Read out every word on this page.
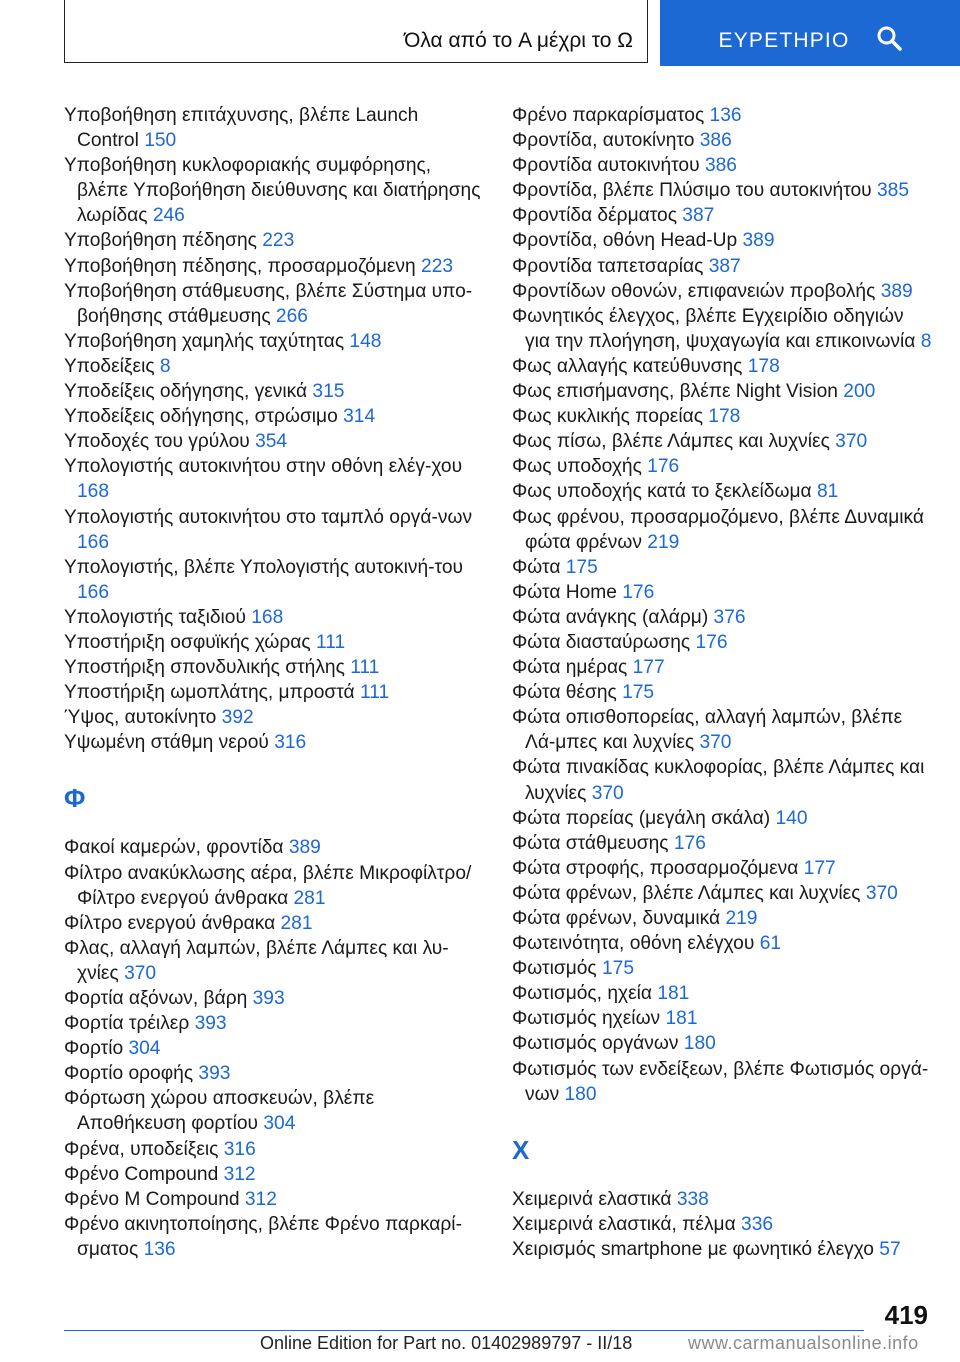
Όλα από το A μέχρι το Ω	ΕΥΡΕΤΗΡΙΟ

Υποβοήθηση επιτάχυνσης, βλέπε Launch Control 150

Υποβοήθηση κυκλοφοριακής συμφόρησης, βλέπε Υποβοήθηση διεύθυνσης και διατήρησης λωρίδας 246

Υποβοήθηση πέδησης 223

Υποβοήθηση πέδησης, προσαρμοζόμενη 223

Υποβοήθηση στάθμευσης, βλέπε Σύστημα υπο-βοήθησης στάθμευσης 266

Υποβοήθηση χαμηλής ταχύτητας 148

Υποδείξεις 8

Υποδείξεις οδήγησης, γενικά 315

Υποδείξεις οδήγησης, στρώσιμο 314

Υποδοχές του γρύλου 354

Υπολογιστής αυτοκινήτου στην οθόνη ελέγ-χου 168

Υπολογιστής αυτοκινήτου στο ταμπλό οργά-νων 166

Υπολογιστής, βλέπε Υπολογιστής αυτοκινή-του 166

Υπολογιστής ταξιδιού 168

Υποστήριξη οσφυϊκής χώρας 111

Υποστήριξη σπονδυλικής στήλης 111

Υποστήριξη ωμοπλάτης, μπροστά 111

Ύψος, αυτοκίνητο 392

Υψωμένη στάθμη νερού 316

Φ

Φακοί καμερών, φροντίδα 389

Φίλτρο ανακύκλωσης αέρα, βλέπε Μικροφίλτρο/ Φίλτρο ενεργού άνθρακα 281

Φίλτρο ενεργού άνθρακα 281

Φλας, αλλαγή λαμπών, βλέπε Λάμπες και λυ-χνίες 370

Φορτία αξόνων, βάρη 393

Φορτία τρέιλερ 393

Φορτίο 304

Φορτίο οροφής 393

Φόρτωση χώρου αποσκευών, βλέπε Αποθήκευση φορτίου 304

Φρένα, υποδείξεις 316

Φρένο Compound 312

Φρένο M Compound 312

Φρένο ακινητοποίησης, βλέπε Φρένο παρκαρί-σματος 136

Φρένο παρκαρίσματος 136

Φροντίδα, αυτοκίνητο 386

Φροντίδα αυτοκινήτου 386

Φροντίδα, βλέπε Πλύσιμο του αυτοκινήτου 385

Φροντίδα δέρματος 387

Φροντίδα, οθόνη Head-Up 389

Φροντίδα ταπετσαρίας 387

Φροντίδων οθονών, επιφανειών προβολής 389

Φωνητικός έλεγχος, βλέπε Εγχειρίδιο οδηγιών για την πλοήγηση, ψυχαγωγία και επικοινωνία 8

Φως αλλαγής κατεύθυνσης 178

Φως επισήμανσης, βλέπε Night Vision 200

Φως κυκλικής πορείας 178

Φως πίσω, βλέπε Λάμπες και λυχνίες 370

Φως υποδοχής 176

Φως υποδοχής κατά το ξεκλείδωμα 81

Φως φρένου, προσαρμοζόμενο, βλέπε Δυναμικά φώτα φρένων 219

Φώτα 175

Φώτα Home 176

Φώτα ανάγκης (αλάρμ) 376

Φώτα διασταύρωσης 176

Φώτα ημέρας 177

Φώτα θέσης 175

Φώτα οπισθοπορείας, αλλαγή λαμπών, βλέπε Λά-μπες και λυχνίες 370

Φώτα πινακίδας κυκλοφορίας, βλέπε Λάμπες και λυχνίες 370

Φώτα πορείας (μεγάλη σκάλα) 140

Φώτα στάθμευσης 176

Φώτα στροφής, προσαρμοζόμενα 177

Φώτα φρένων, βλέπε Λάμπες και λυχνίες 370

Φώτα φρένων, δυναμικά 219

Φωτεινότητα, οθόνη ελέγχου 61

Φωτισμός 175

Φωτισμός, ηχεία 181

Φωτισμός ηχείων 181

Φωτισμός οργάνων 180

Φωτισμός των ενδείξεων, βλέπε Φωτισμός οργά-νων 180

Χ

Χειμερινά ελαστικά 338

Χειμερινά ελαστικά, πέλμα 336

Χειρισμός smartphone με φωνητικό έλεγχο 57

419
Online Edition for Part no. 01402989797 - II/18	www.carmanualsonline.info
